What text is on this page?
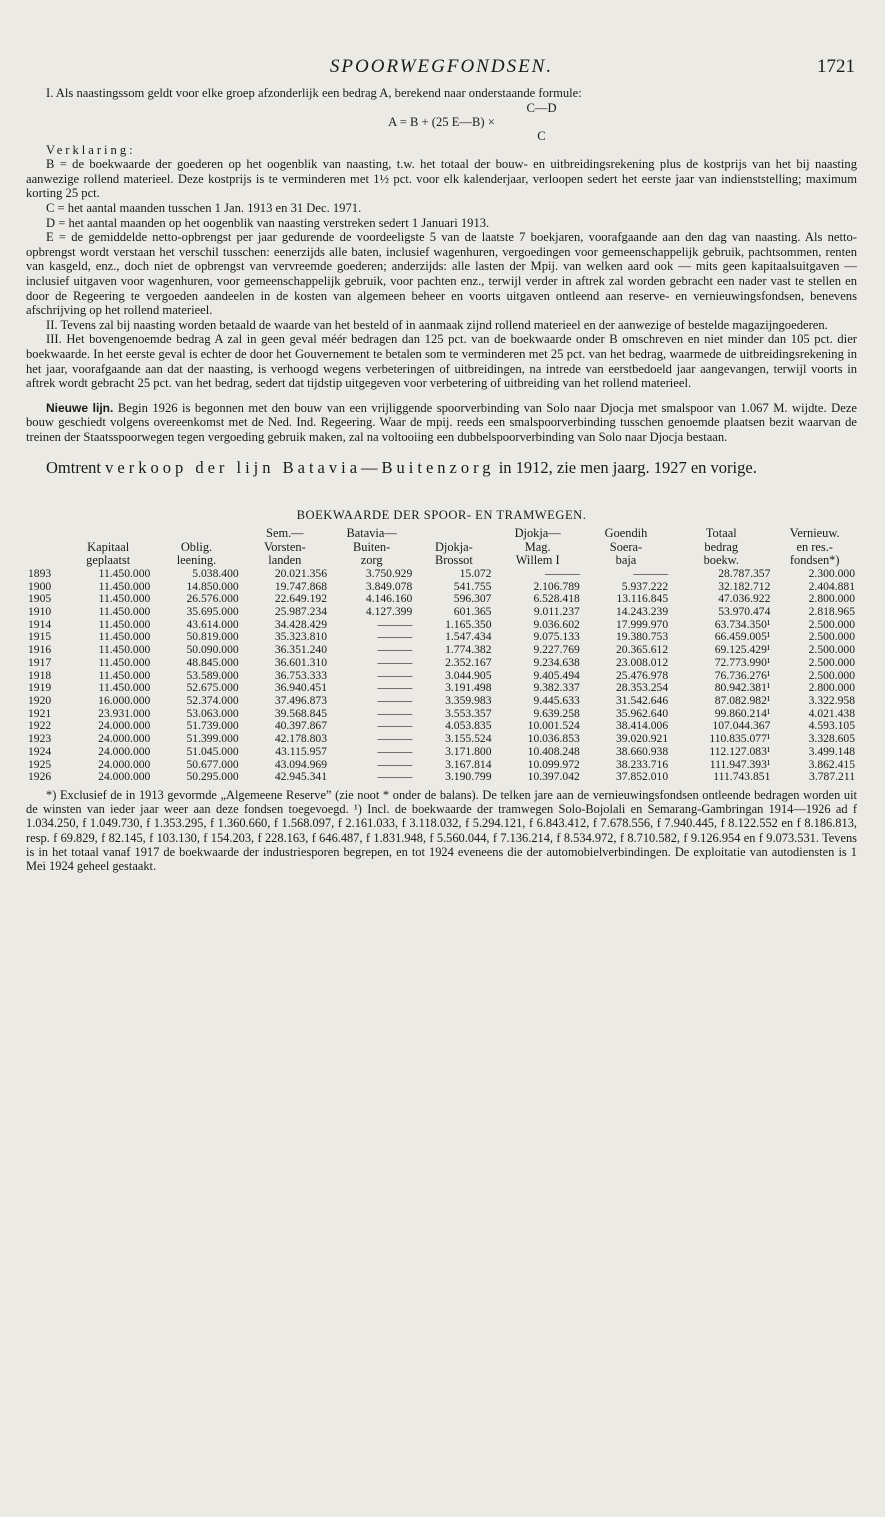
SPOORWEGFONDSEN.	1721

I. Als naastingssom geldt voor elke groep afzonderlijk een bedrag A, berekend naar onderstaande formule:

C—D
A = B + (25 E—B) ×
C

Verklaring:

B = de boekwaarde der goederen op het oogenblik van naasting, t.w. het totaal der bouw- en uitbreidingsrekening plus de kostprijs van het bij naasting aanwezige rollend materieel. Deze kostprijs is te verminderen met 1½ pct. voor elk kalenderjaar, verloopen sedert het eerste jaar van indienststelling; maximum korting 25 pct.

C = het aantal maanden tusschen 1 Jan. 1913 en 31 Dec. 1971.

D = het aantal maanden op het oogenblik van naasting verstreken sedert 1 Januari 1913.

E = de gemiddelde netto-opbrengst per jaar gedurende de voordeeligste 5 van de laatste 7 boekjaren, voorafgaande aan den dag van naasting. Als netto-opbrengst wordt verstaan het verschil tusschen: eenerzijds alle baten, inclusief wagenhuren, vergoedingen voor gemeenschappelijk gebruik, pachtsommen, renten van kasgeld, enz., doch niet de opbrengst van vervreemde goederen; anderzijds: alle lasten der Mpij. van welken aard ook — mits geen kapitaalsuitgaven — inclusief uitgaven voor wagenhuren, voor gemeenschappelijk gebruik, voor pachten enz., terwijl verder in aftrek zal worden gebracht een nader vast te stellen en door de Regeering te vergoeden aandeelen in de kosten van algemeen beheer en voorts uitgaven ontleend aan reserve- en vernieuwingsfondsen, benevens afschrijving op het rollend materieel.

II. Tevens zal bij naasting worden betaald de waarde van het besteld of in aanmaak zijnd rollend materieel en der aanwezige of bestelde magazijngoederen.

III. Het bovengenoemde bedrag A zal in geen geval méér bedragen dan 125 pct. van de boekwaarde onder B omschreven en niet minder dan 105 pct. dier boekwaarde. In het eerste geval is echter de door het Gouvernement te betalen som te verminderen met 25 pct. van het bedrag, waarmede de uitbreidingsrekening in het jaar, voorafgaande aan dat der naasting, is verhoogd wegens verbeteringen of uitbreidingen, na intrede van eerstbedoeld jaar aangevangen, terwijl voorts in aftrek wordt gebracht 25 pct. van het bedrag, sedert dat tijdstip uitgegeven voor verbetering of uitbreiding van het rollend materieel.

Nieuwe lijn. Begin 1926 is begonnen met den bouw van een vrijliggende spoorverbinding van Solo naar Djocja met smalspoor van 1.067 M. wijdte. Deze bouw geschiedt volgens overeenkomst met de Ned. Ind. Regeering. Waar de mpij. reeds een smalspoorverbinding tusschen genoemde plaatsen bezit waarvan de treinen der Staatsspoorwegen tegen vergoeding gebruik maken, zal na voltooiing een dubbelspoorverbinding van Solo naar Djocja bestaan.

Omtrent verkoop der lijn Batavia—Buitenzorg in 1912, zie men jaarg. 1927 en vorige.

BOEKWAARDE DER SPOOR- EN TRAMWEGEN.
			Sem.—	Batavia—		Djokja—	Goendih	Totaal	Vernieuw.
	Kapitaal	Oblig.	Vorsten-	Buiten-	Djokja-	Mag.	Soera-	bedrag	en res.-
	geplaatst	leening.	landen	zorg	Brossot	Willem I	baja	boekw.	fondsen*)
1893	11.450.000	5.038.400	20.021.356	3.750.929	15.072	———	———	28.787.357	2.300.000
1900	11.450.000	14.850.000	19.747.868	3.849.078	541.755	2.106.789	5.937.222	32.182.712	2.404.881
1905	11.450.000	26.576.000	22.649.192	4.146.160	596.307	6.528.418	13.116.845	47.036.922	2.800.000
1910	11.450.000	35.695.000	25.987.234	4.127.399	601.365	9.011.237	14.243.239	53.970.474	2.818.965
1914	11.450.000	43.614.000	34.428.429	———	1.165.350	9.036.602	17.999.970	63.734.350¹	2.500.000
1915	11.450.000	50.819.000	35.323.810	———	1.547.434	9.075.133	19.380.753	66.459.005¹	2.500.000
1916	11.450.000	50.090.000	36.351.240	———	1.774.382	9.227.769	20.365.612	69.125.429¹	2.500.000
1917	11.450.000	48.845.000	36.601.310	———	2.352.167	9.234.638	23.008.012	72.773.990¹	2.500.000
1918	11.450.000	53.589.000	36.753.333	———	3.044.905	9.405.494	25.476.978	76.736.276¹	2.500.000
1919	11.450.000	52.675.000	36.940.451	———	3.191.498	9.382.337	28.353.254	80.942.381¹	2.800.000
1920	16.000.000	52.374.000	37.496.873	———	3.359.983	9.445.633	31.542.646	87.082.982¹	3.322.958
1921	23.931.000	53.063.000	39.568.845	———	3.553.357	9.639.258	35.962.640	99.860.214¹	4.021.438
1922	24.000.000	51.739.000	40.397.867	———	4.053.835	10.001.524	38.414.006	107.044.367	4.593.105
1923	24.000.000	51.399.000	42.178.803	———	3.155.524	10.036.853	39.020.921	110.835.077¹	3.328.605
1924	24.000.000	51.045.000	43.115.957	———	3.171.800	10.408.248	38.660.938	112.127.083¹	3.499.148
1925	24.000.000	50.677.000	43.094.969	———	3.167.814	10.099.972	38.233.716	111.947.393¹	3.862.415
1926	24.000.000	50.295.000	42.945.341	———	3.190.799	10.397.042	37.852.010	111.743.851	3.787.211

*) Exclusief de in 1913 gevormde „Algemeene Reserve” (zie noot * onder de balans). De telken jare aan de vernieuwingsfondsen ontleende bedragen worden uit de winsten van ieder jaar weer aan deze fondsen toegevoegd. ¹) Incl. de boekwaarde der tramwegen Solo-Bojolali en Semarang-Gambringan 1914—1926 ad f 1.034.250, f 1.049.730, f 1.353.295, f 1.360.660, f 1.568.097, f 2.161.033, f 3.118.032, f 5.294.121, f 6.843.412, f 7.678.556, f 7.940.445, f 8.122.552 en f 8.186.813, resp. f 69.829, f 82.145, f 103.130, f 154.203, f 228.163, f 646.487, f 1.831.948, f 5.560.044, f 7.136.214, f 8.534.972, f 8.710.582, f 9.126.954 en f 9.073.531. Tevens is in het totaal vanaf 1917 de boekwaarde der industriesporen begrepen, en tot 1924 eveneens die der automobielverbindingen. De exploitatie van autodiensten is 1 Mei 1924 geheel gestaakt.
